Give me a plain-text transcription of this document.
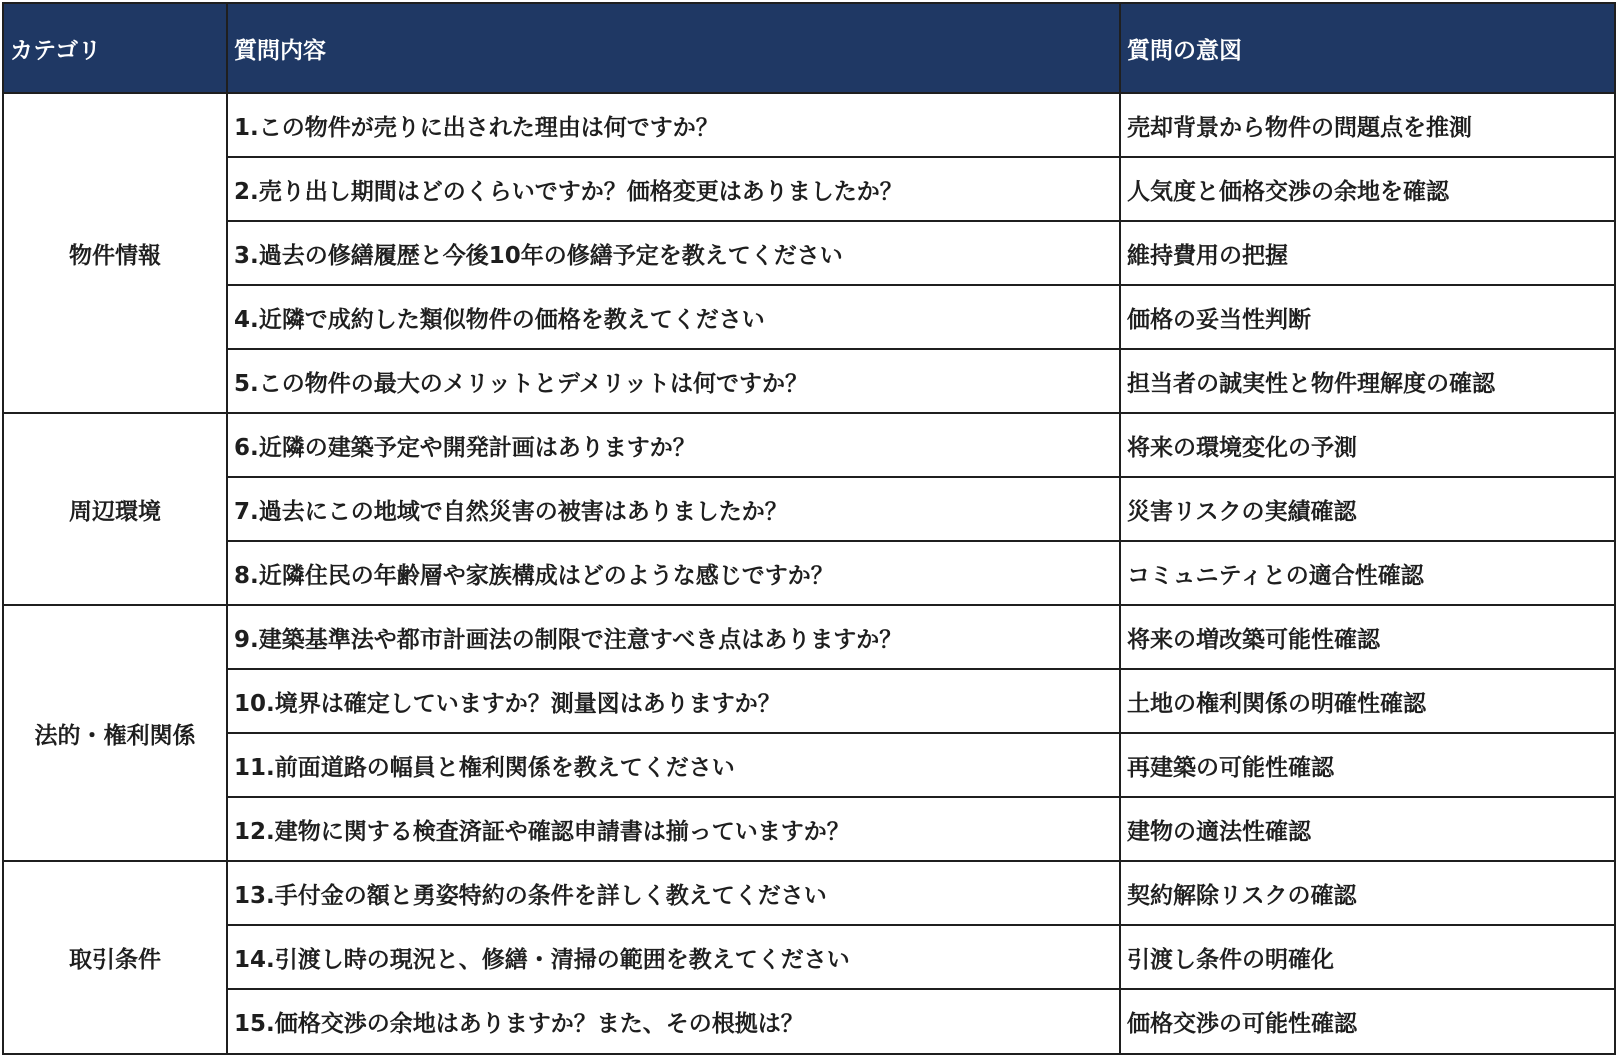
カテゴリ	質問内容	質問の意図
物件情報	1.この物件が売りに出された理由は何ですか？	売却背景から物件の問題点を推測
	2.売り出し期間はどのくらいですか？価格変更はありましたか？	人気度と価格交渉の余地を確認
	3.過去の修繕履歴と今後10年の修繕予定を教えてください	維持費用の把握
	4.近隣で成約した類似物件の価格を教えてください	価格の妥当性判断
	5.この物件の最大のメリットとデメリットは何ですか？	担当者の誠実性と物件理解度の確認
周辺環境	6.近隣の建築予定や開発計画はありますか？	将来の環境変化の予測
	7.過去にこの地域で自然災害の被害はありましたか？	災害リスクの実績確認
	8.近隣住民の年齢層や家族構成はどのような感じですか？	コミュニティとの適合性確認
法的・権利関係	9.建築基準法や都市計画法の制限で注意すべき点はありますか？	将来の増改築可能性確認
	10.境界は確定していますか？測量図はありますか？	土地の権利関係の明確性確認
	11.前面道路の幅員と権利関係を教えてください	再建築の可能性確認
	12.建物に関する検査済証や確認申請書は揃っていますか？	建物の適法性確認
取引条件	13.手付金の額と勇姿特約の条件を詳しく教えてください	契約解除リスクの確認
	14.引渡し時の現況と、修繕・清掃の範囲を教えてください	引渡し条件の明確化
	15.価格交渉の余地はありますか？また、その根拠は？	価格交渉の可能性確認
